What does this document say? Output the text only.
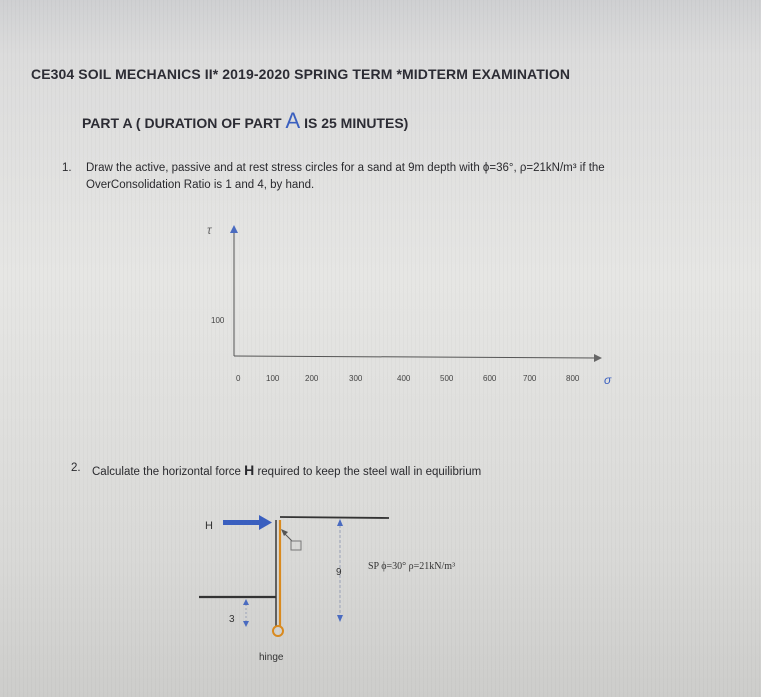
CE304 SOIL MECHANICS II* 2019-2020 SPRING TERM *MIDTERM EXAMINATION
PART A ( DURATION OF PART A IS 25 MINUTES)
1. Draw the active, passive and at rest stress circles for a sand at 9m depth with ϕ=36°, ρ=21kN/m³ if the
OverConsolidation Ratio is 1 and 4, by hand.
τ
100
σ
0	100	200	300	400	500	600	700	800
2. Calculate the horizontal force H required to keep the steel wall in equilibrium
H
9
3
hinge
SP ϕ=30° ρ=21kN/m³
